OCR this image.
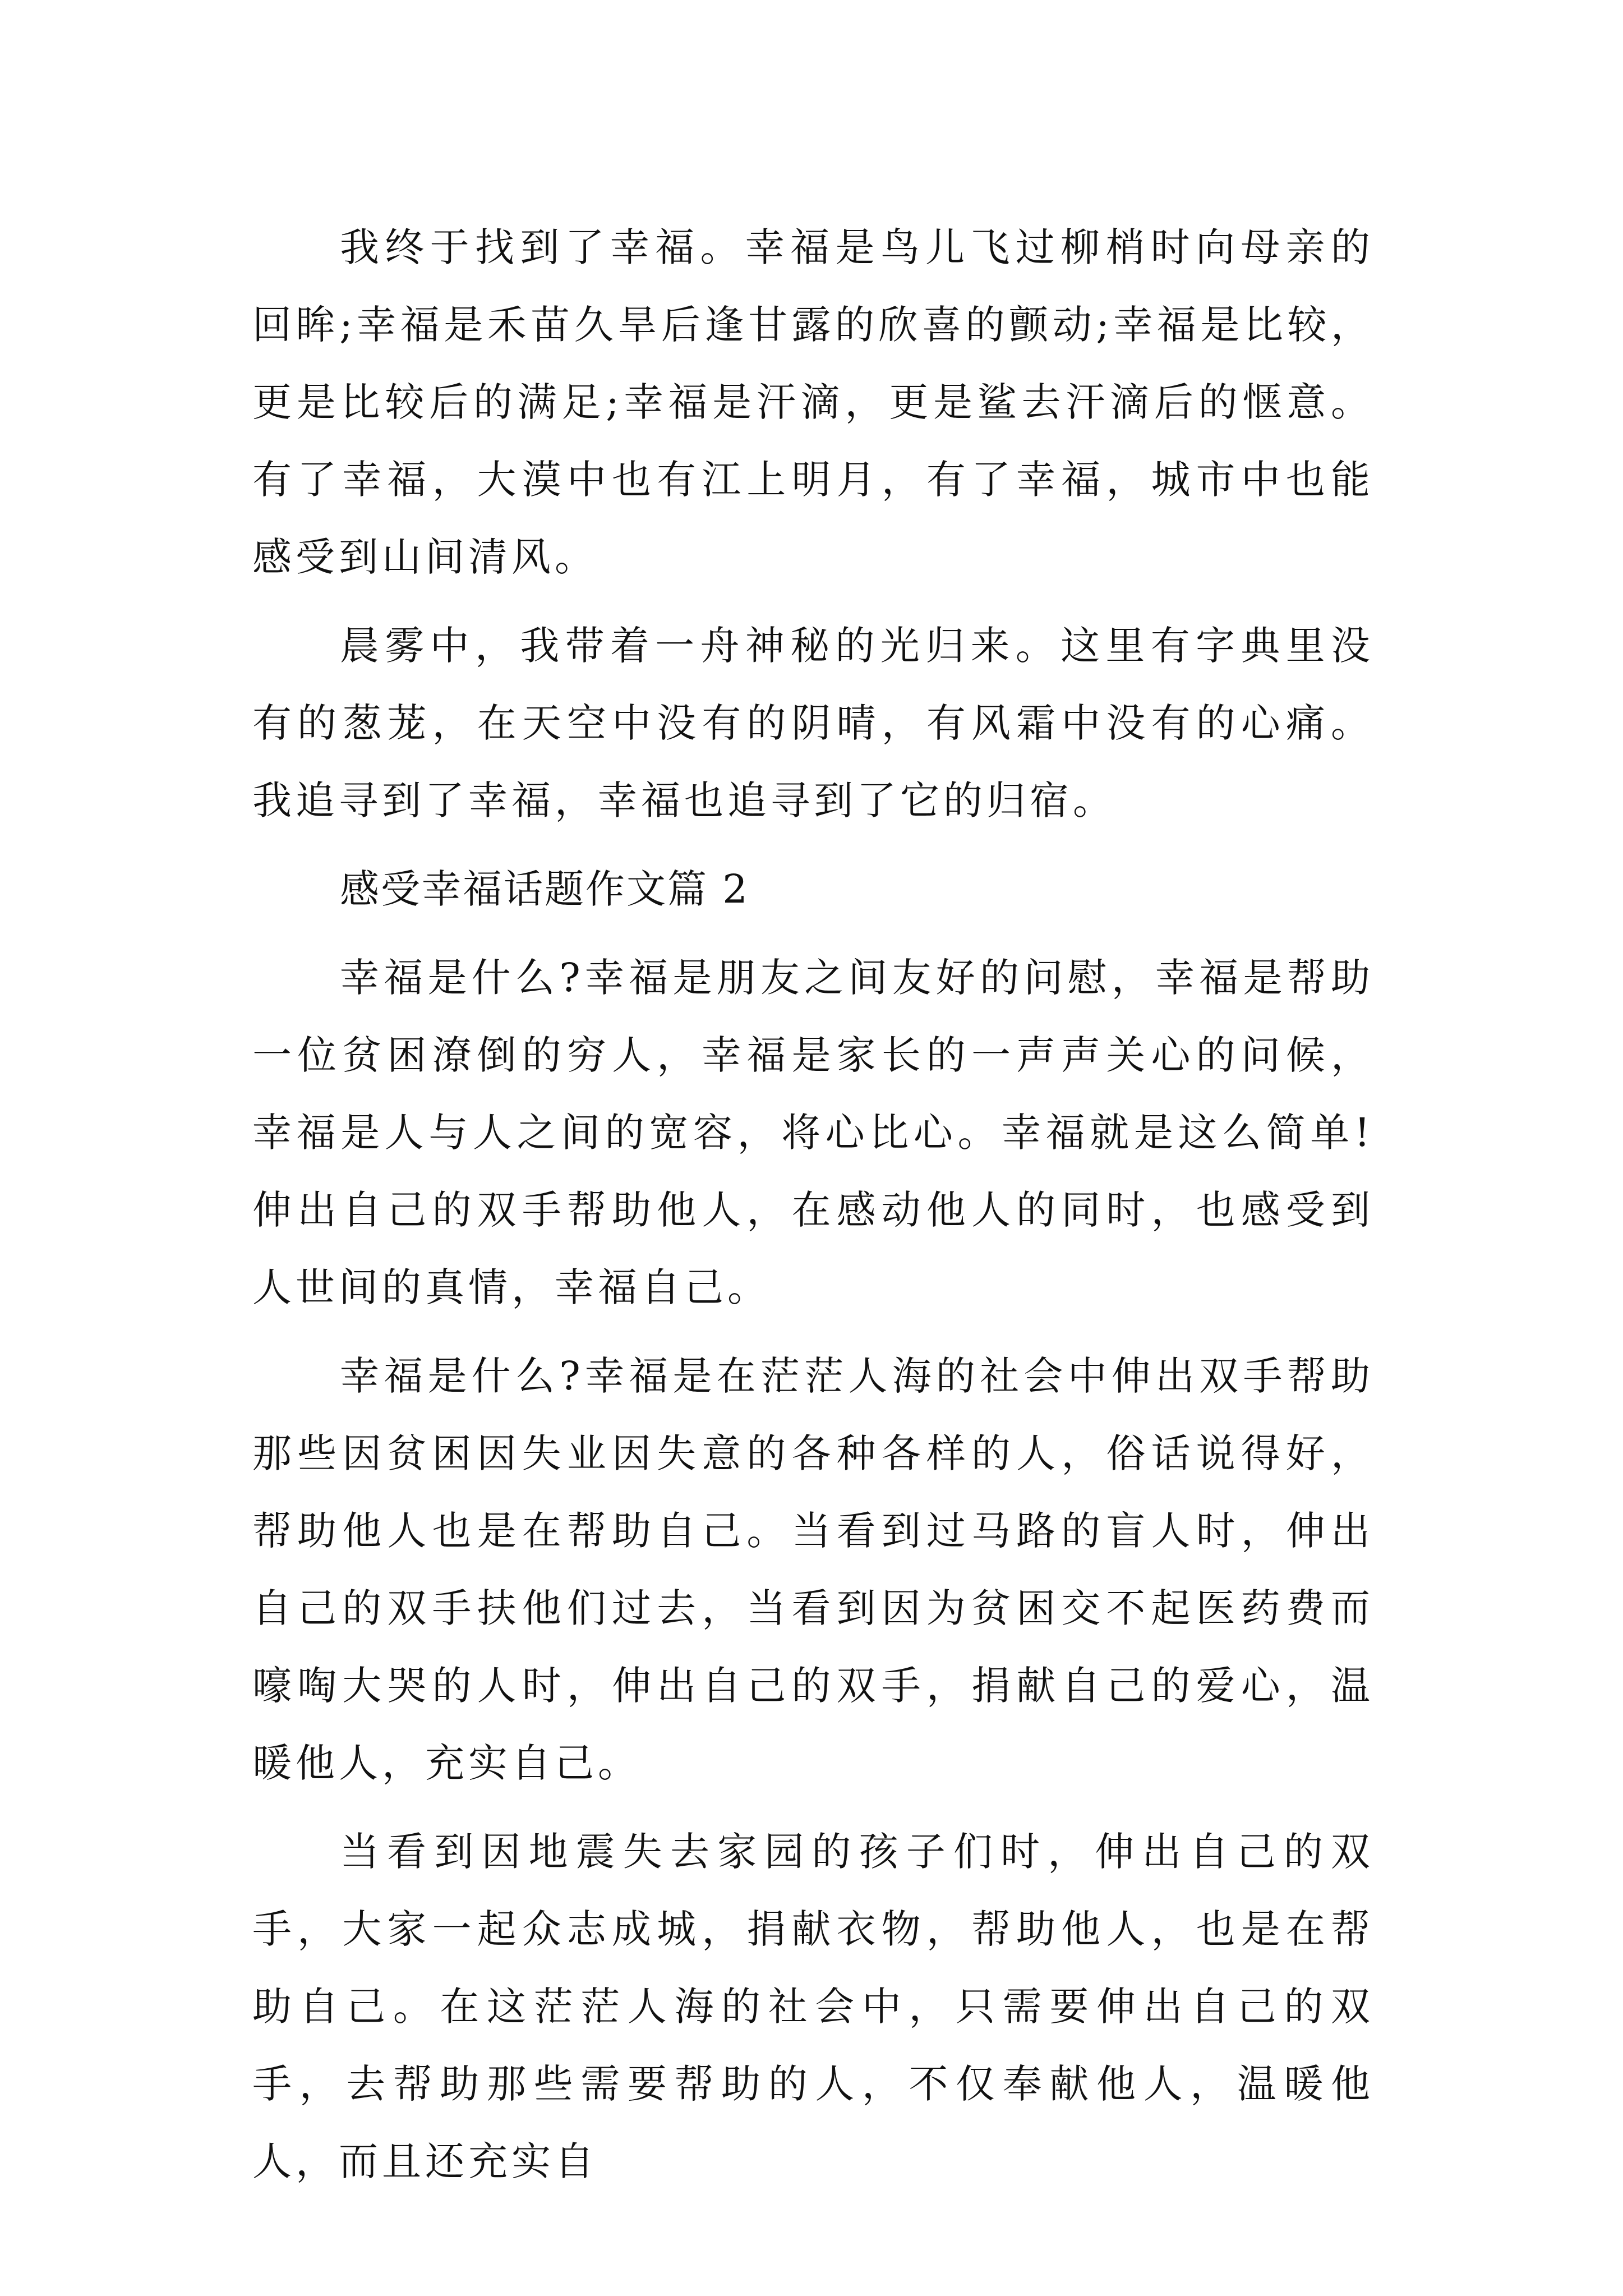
我终于找到了幸福。幸福是鸟儿飞过柳梢时向母亲的回眸;幸福是禾苗久旱后逢甘露的欣喜的颤动;幸福是比较，更是比较后的满足;幸福是汗滴，更是鲨去汗滴后的惬意。有了幸福，大漠中也有江上明月，有了幸福，城市中也能感受到山间清风。

晨雾中，我带着一舟神秘的光归来。这里有字典里没有的葱茏，在天空中没有的阴晴，有风霜中没有的心痛。我追寻到了幸福，幸福也追寻到了它的归宿。

感受幸福话题作文篇 2

幸福是什么?幸福是朋友之间友好的问慰，幸福是帮助一位贫困潦倒的穷人，幸福是家长的一声声关心的问候，幸福是人与人之间的宽容，将心比心。幸福就是这么简单!伸出自己的双手帮助他人，在感动他人的同时，也感受到人世间的真情，幸福自己。

幸福是什么?幸福是在茫茫人海的社会中伸出双手帮助那些因贫困因失业因失意的各种各样的人，俗话说得好，帮助他人也是在帮助自己。当看到过马路的盲人时，伸出自己的双手扶他们过去，当看到因为贫困交不起医药费而嚎啕大哭的人时，伸出自己的双手，捐献自己的爱心，温暖他人，充实自己。

当看到因地震失去家园的孩子们时，伸出自己的双手，大家一起众志成城，捐献衣物，帮助他人，也是在帮助自己。在这茫茫人海的社会中，只需要伸出自己的双手，去帮助那些需要帮助的人，不仅奉献他人，温暖他人，而且还充实自
